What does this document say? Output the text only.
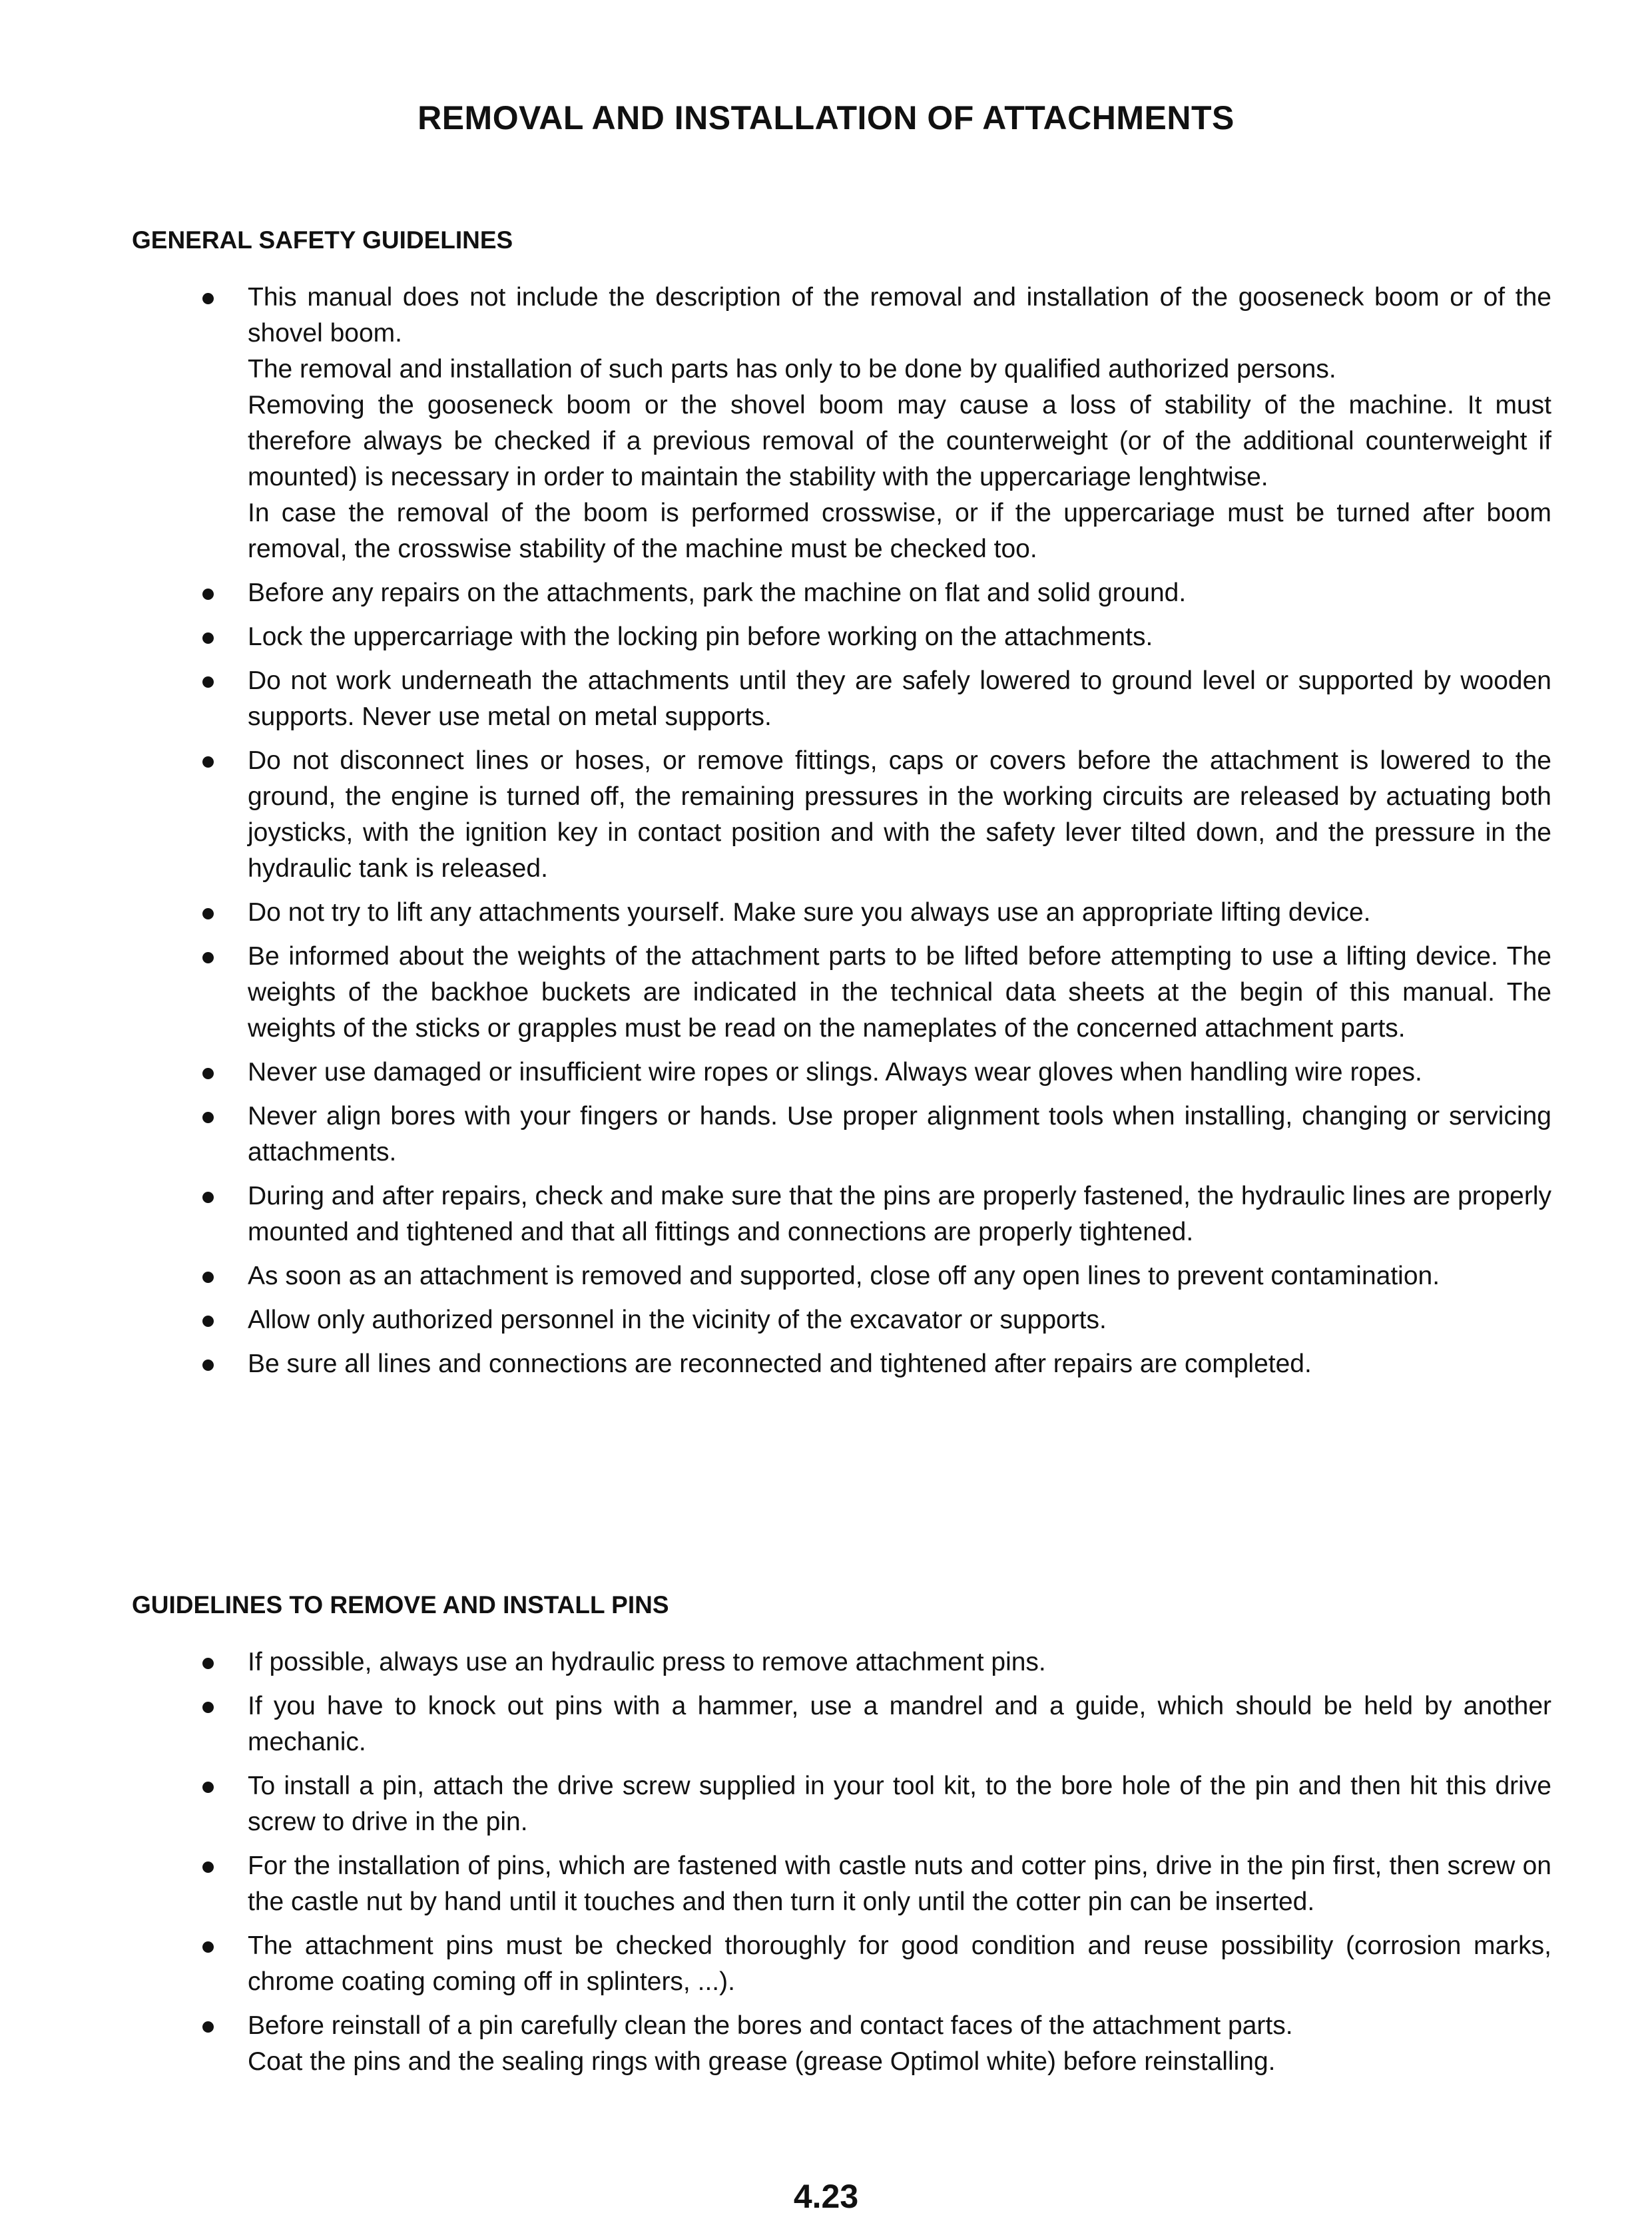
REMOVAL AND INSTALLATION OF ATTACHMENTS
GENERAL SAFETY GUIDELINES
This manual does not include the description of the removal and installation of the gooseneck boom or of the shovel boom.
The removal and installation of such parts has only to be done by qualified authorized persons.
Removing the gooseneck boom or the shovel boom may cause a loss of stability of the machine. It must therefore always be checked if a previous removal of the counterweight (or of the additional counterweight if mounted) is necessary in order to maintain the stability with the uppercariage lenghtwise.
In case the removal of the boom is performed crosswise, or if the uppercariage must be turned after boom removal, the crosswise stability of the machine must be checked too.
Before any repairs on the attachments, park the machine on flat and solid ground.
Lock the uppercarriage with the locking pin before working on the attachments.
Do not work underneath the attachments until they are safely lowered to ground level or supported by wooden supports. Never use metal on metal supports.
Do not disconnect lines or hoses, or remove fittings, caps or covers before the attachment is lowered to the ground, the engine is turned off, the remaining pressures in the working circuits are released by actuating both joysticks, with the ignition key in contact position and with the safety lever tilted down, and the pressure in the hydraulic tank is released.
Do not try to lift any attachments yourself. Make sure you always use an appropriate lifting device.
Be informed about the weights of the attachment parts to be lifted before attempting to use a lifting device. The weights of the backhoe buckets are indicated in the technical data sheets at the begin of this manual. The weights of the sticks or grapples must be read on the nameplates of the concerned attachment parts.
Never use damaged or insufficient wire ropes or slings. Always wear gloves when handling wire ropes.
Never align bores with your fingers or hands. Use proper alignment tools when installing, changing or servicing attachments.
During and after repairs, check and make sure that the pins are properly fastened, the hydraulic lines are properly mounted and tightened and that all fittings and connections are properly tightened.
As soon as an attachment is removed and supported, close off any open lines to prevent contamination.
Allow only authorized personnel in the vicinity of the excavator or supports.
Be sure all lines and connections are reconnected and tightened after repairs are completed.
GUIDELINES TO REMOVE AND INSTALL PINS
If possible, always use an hydraulic press to remove attachment pins.
If you have to knock out pins with a hammer, use a mandrel and a guide, which should be held by another mechanic.
To install a pin, attach the drive screw supplied in your tool kit, to the bore hole of the pin and then hit this drive screw to drive in the pin.
For the installation of pins, which are fastened with castle nuts and cotter pins, drive in the pin first, then screw on the castle nut by hand until it touches and then turn it only until the cotter pin can be inserted.
The attachment pins must be checked thoroughly for good condition and reuse possibility (corrosion marks, chrome coating coming off in splinters, ...).
Before reinstall of a pin carefully clean the bores and contact faces of the attachment parts.
Coat the pins and the sealing rings with grease (grease Optimol white) before reinstalling.
4.23
